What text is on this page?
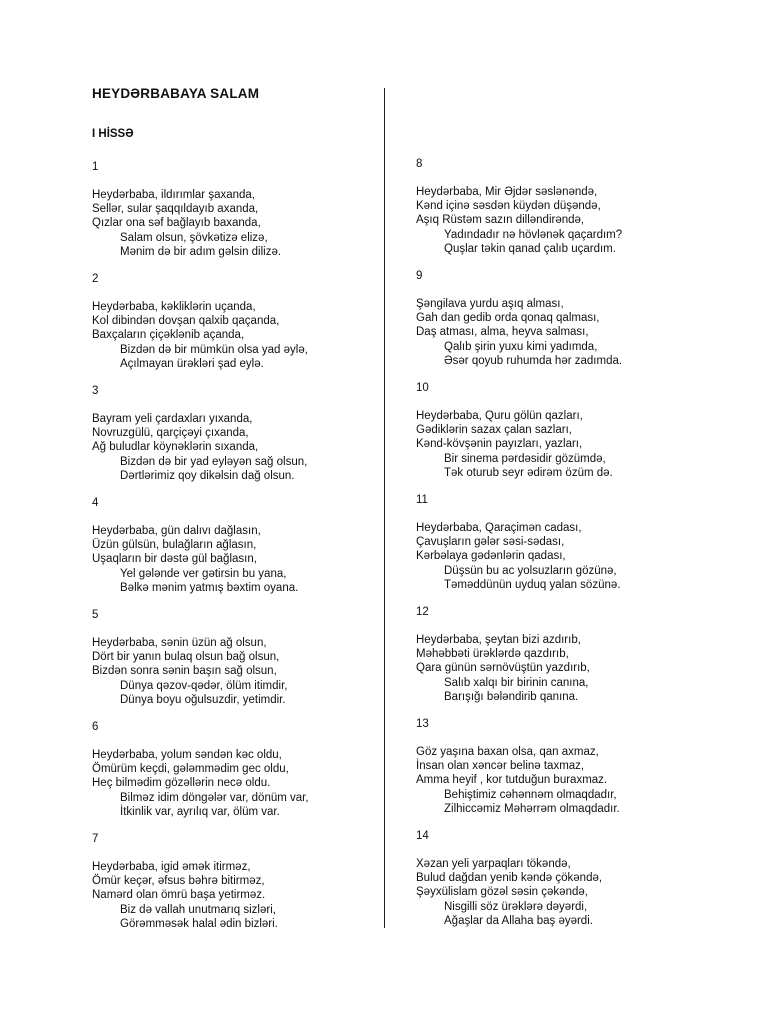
HEYDƏRBABAYA SALAM
I HİSSƏ
1
Heydərbaba, ildırımlar şaxanda,
Sellər, sular şaqqıldayıb axanda,
Qızlar ona səf bağlayıb baxanda,
Salam olsun, şövkətizə elizə,
Mənim də bir adım gəlsin dilizə.
2
Heydərbaba, kəkliklərin uçanda,
Kol dibindən dovşan qalxib qaçanda,
Baxçaların çiçəklənib açanda,
Bizdən də bir mümkün olsa yad əylə,
Açılmayan ürəkləri şad eylə.
3
Bayram yeli çardaxları yıxanda,
Novruzgülü, qarçiçəyi çıxanda,
Ağ buludlar köynəklərin sıxanda,
Bizdən də bir yad eyləyən sağ olsun,
Dərtlərimiz qoy dikəlsin dağ olsun.
4
Heydərbaba, gün dalıvı dağlasın,
Üzün gülsün, bulağların ağlasın,
Uşaqların bir dəstə gül bağlasın,
Yel gələnde ver gətirsin bu yana,
Bəlkə mənim yatmış bəxtim oyana.
5
Heydərbaba, sənin üzün ağ olsun,
Dört bir yanın bulaq olsun bağ olsun,
Bizdən sonra sənin başın sağ olsun,
Dünya qəzov-qədər, ölüm itimdir,
Dünya boyu oğulsuzdir, yetimdir.
6
Heydərbaba, yolum səndən kəc oldu,
Ömürüm keçdi, gələmmədim gec oldu,
Heç bilmədim gözəllərin necə oldu.
Bilməz idim döngələr var, dönüm var,
İtkinlik var, ayrılıq var, ölüm var.
7
Heydərbaba, igid əmək itirməz,
Ömür keçər, əfsus bəhrə bitirməz,
Namərd olan ömrü başa yetirməz.
Biz də vallah unutmarıq sizləri,
Görəmməsək halal ədin bizləri.
8
Heydərbaba, Mir Əjdər səslənəndə,
Kənd içinə səsdən küydən düşəndə,
Aşıq Rüstəm sazın dilləndirəndə,
Yadındadır nə hövlənək qaçardım?
Quşlar təkin qanad çalıb uçardım.
9
Şəngilava yurdu aşıq alması,
Gah dan gedib orda qonaq qalması,
Daş atması, alma, heyva salması,
Qalıb şirin yuxu kimi yadımda,
Əsər qoyub ruhumda hər zadımda.
10
Heydərbaba, Quru gölün qazları,
Gədiklərin sazax çalan sazları,
Kənd-kövşənin payızları, yazları,
Bir sinema pərdəsidir gözümdə,
Tək oturub seyr ədirəm özüm də.
11
Heydərbaba, Qaraçimən cadası,
Çavuşların gələr səsi-sədası,
Kərbəlaya gədənlərin qadası,
Düşsün bu ac yolsuzların gözünə,
Təməddünün uyduq yalan sözünə.
12
Heydərbaba, şeytan bizi azdırıb,
Məhəbbəti ürəklərdə qazdırıb,
Qara günün sərnövüştün yazdırıb,
Salıb xalqı bir birinin canına,
Barışığı bələndirib qanına.
13
Göz yaşına baxan olsa, qan axmaz,
İnsan olan xəncər belinə taxmaz,
Amma heyif , kor tutduğun buraxmaz.
Behiştimiz cəhənnəm olmaqdadır,
Zilhiccəmiz Məhərrəm olmaqdadır.
14
Xəzan yeli yarpaqları tökəndə,
Bulud dağdan yenib kəndə çökəndə,
Şəyxülislam gözəl səsin çəkəndə,
Nisgilli söz ürəklərə dəyərdi,
Ağaşlar da Allaha baş əyərdi.
